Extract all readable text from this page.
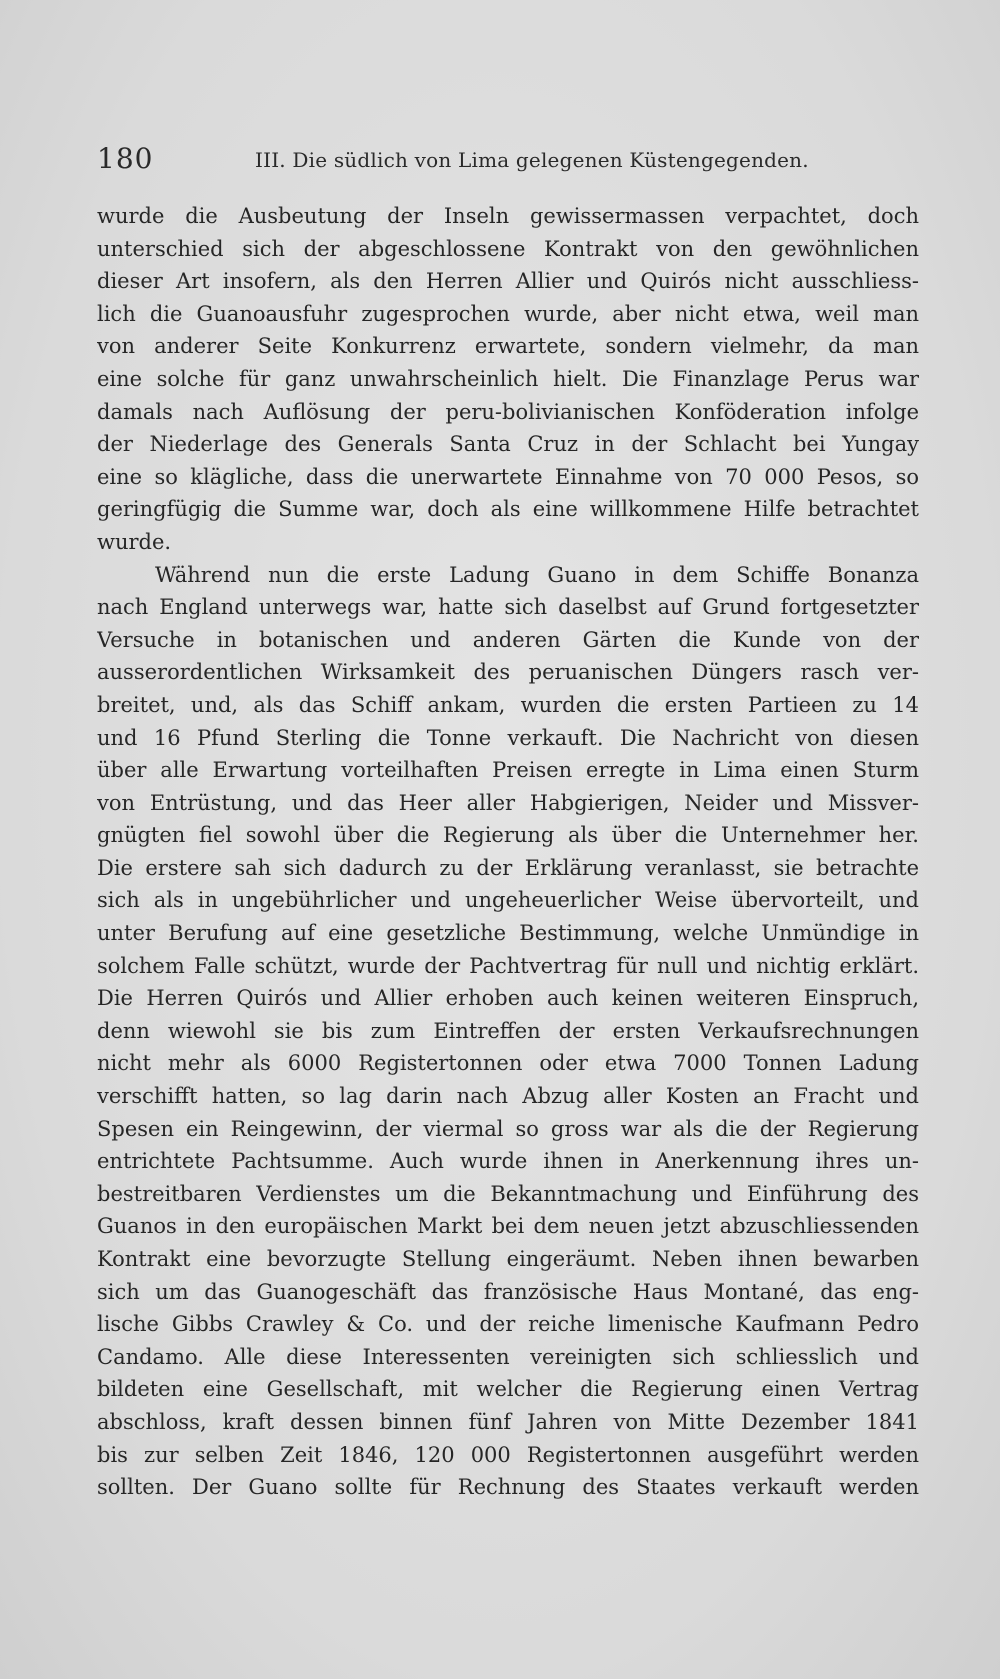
180	III. Die südlich von Lima gelegenen Küstengegenden.
wurde die Ausbeutung der Inseln gewissermassen verpachtet, doch
unterschied sich der abgeschlossene Kontrakt von den gewöhnlichen
dieser Art insofern, als den Herren Allier und Quirós nicht ausschliess-
lich die Guanoausfuhr zugesprochen wurde, aber nicht etwa, weil man
von anderer Seite Konkurrenz erwartete, sondern vielmehr, da man
eine solche für ganz unwahrscheinlich hielt. Die Finanzlage Perus war
damals nach Auflösung der peru-bolivianischen Konföderation infolge
der Niederlage des Generals Santa Cruz in der Schlacht bei Yungay
eine so klägliche, dass die unerwartete Einnahme von 70 000 Pesos, so
geringfügig die Summe war, doch als eine willkommene Hilfe betrachtet
wurde.
Während nun die erste Ladung Guano in dem Schiffe Bonanza
nach England unterwegs war, hatte sich daselbst auf Grund fortgesetzter
Versuche in botanischen und anderen Gärten die Kunde von der
ausserordentlichen Wirksamkeit des peruanischen Düngers rasch ver-
breitet, und, als das Schiff ankam, wurden die ersten Partieen zu 14
und 16 Pfund Sterling die Tonne verkauft. Die Nachricht von diesen
über alle Erwartung vorteilhaften Preisen erregte in Lima einen Sturm
von Entrüstung, und das Heer aller Habgierigen, Neider und Missver-
gnügten fiel sowohl über die Regierung als über die Unternehmer her.
Die erstere sah sich dadurch zu der Erklärung veranlasst, sie betrachte
sich als in ungebührlicher und ungeheuerlicher Weise übervorteilt, und
unter Berufung auf eine gesetzliche Bestimmung, welche Unmündige in
solchem Falle schützt, wurde der Pachtvertrag für null und nichtig erklärt.
Die Herren Quirós und Allier erhoben auch keinen weiteren Einspruch,
denn wiewohl sie bis zum Eintreffen der ersten Verkaufsrechnungen
nicht mehr als 6000 Registertonnen oder etwa 7000 Tonnen Ladung
verschifft hatten, so lag darin nach Abzug aller Kosten an Fracht und
Spesen ein Reingewinn, der viermal so gross war als die der Regierung
entrichtete Pachtsumme. Auch wurde ihnen in Anerkennung ihres un-
bestreitbaren Verdienstes um die Bekanntmachung und Einführung des
Guanos in den europäischen Markt bei dem neuen jetzt abzuschliessenden
Kontrakt eine bevorzugte Stellung eingeräumt. Neben ihnen bewarben
sich um das Guanogeschäft das französische Haus Montané, das eng-
lische Gibbs Crawley & Co. und der reiche limenische Kaufmann Pedro
Candamo. Alle diese Interessenten vereinigten sich schliesslich und
bildeten eine Gesellschaft, mit welcher die Regierung einen Vertrag
abschloss, kraft dessen binnen fünf Jahren von Mitte Dezember 1841
bis zur selben Zeit 1846, 120 000 Registertonnen ausgeführt werden
sollten. Der Guano sollte für Rechnung des Staates verkauft werden
